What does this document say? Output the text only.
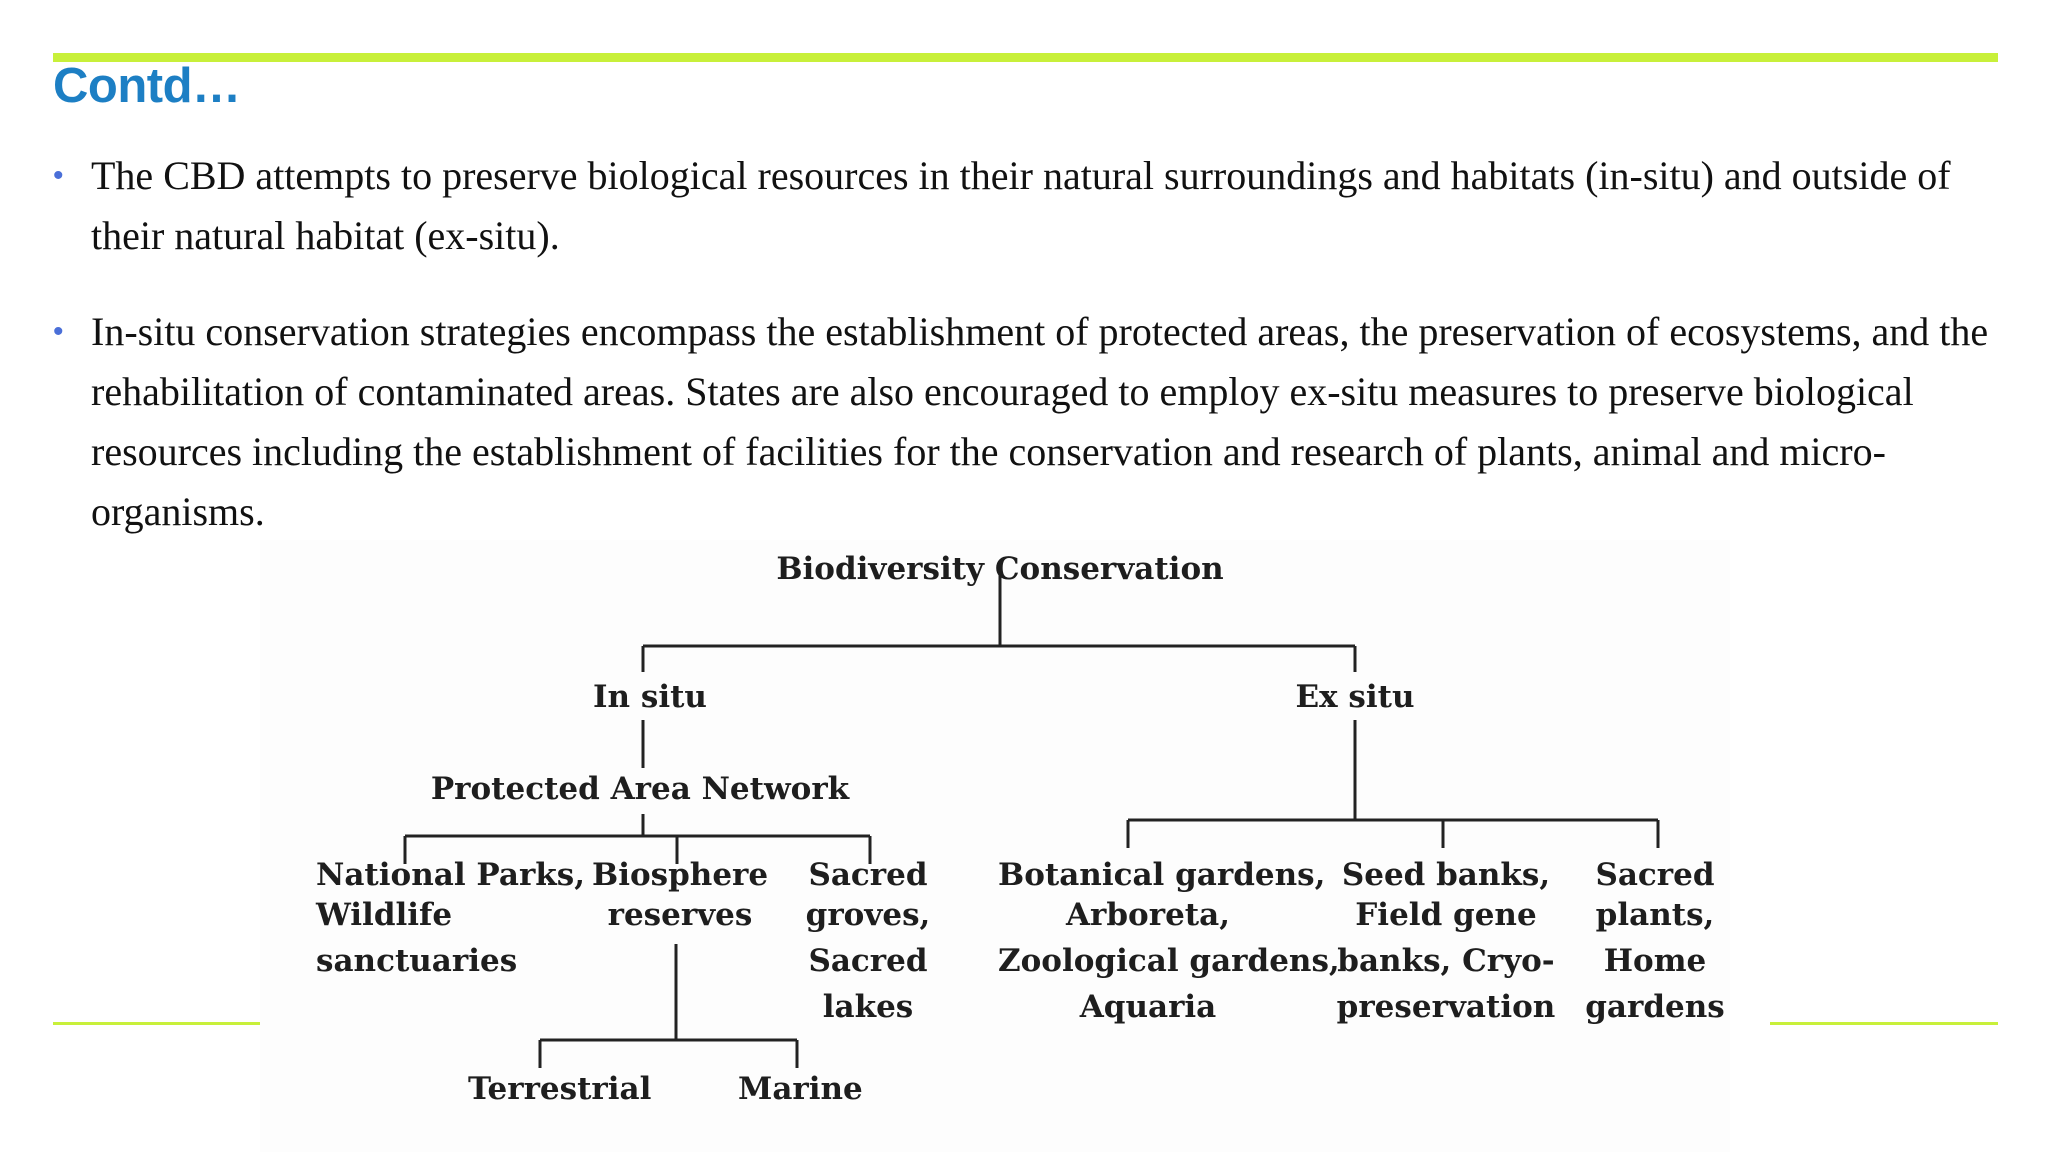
Contd…
• The CBD attempts to preserve biological resources in their natural surroundings and habitats (in-situ) and outside of their natural habitat (ex-situ).
• In-situ conservation strategies encompass the establishment of protected areas, the preservation of ecosystems, and the rehabilitation of contaminated areas. States are also encouraged to employ ex-situ measures to preserve biological resources including the establishment of facilities for the conservation and research of plants, animal and micro-organisms.
Biodiversity Conservation
In situ	Ex situ
Protected Area Network
National Parks,
Wildlife
sanctuaries
Biosphere
reserves
Sacred
groves,
Sacred
lakes
Terrestrial	Marine
Botanical gardens,
Arboreta,
Zoological gardens,
Aquaria
Seed banks,
Field gene
banks, Cryo-
preservation
Sacred
plants,
Home
gardens
